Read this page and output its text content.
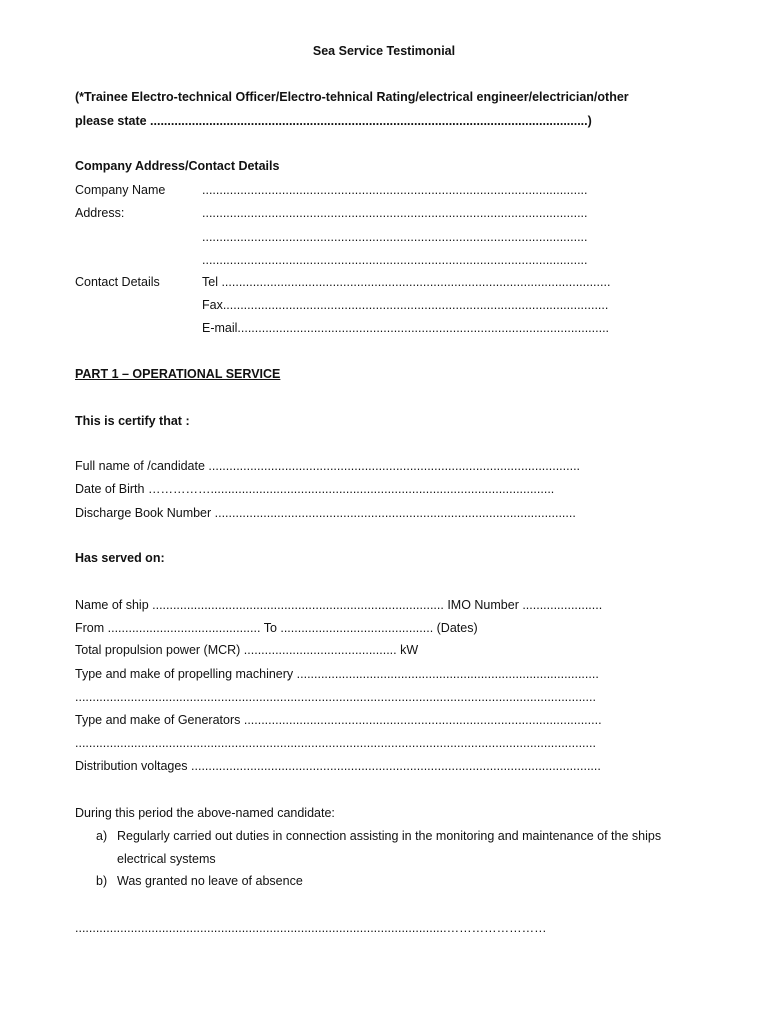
Sea Service Testimonial
(*Trainee Electro-technical Officer/Electro-tehnical Rating/electrical engineer/electrician/other
please state ..............................................................................................................................)
Company Address/Contact Details
Company Name	...............................................................................................................
Address:	...............................................................................................................
...............................................................................................................
...............................................................................................................
Contact Details	Tel ................................................................................................................
Fax...............................................................................................................
E-mail...........................................................................................................
PART 1 – OPERATIONAL SERVICE
This is certify that :
Full name of /candidate ...........................................................................................................
Date of Birth ……………...................................................................................................
Discharge Book Number ........................................................................................................
Has served on:
Name of ship .................................................................................... IMO Number .......................
From ............................................ To ............................................ (Dates)
Total propulsion power (MCR) ............................................ kW
Type and make of propelling machinery .......................................................................................
......................................................................................................................................................
Type and make of Generators .......................................................................................................
......................................................................................................................................................
Distribution voltages ......................................................................................................................
During this period the above-named candidate:
a) Regularly carried out duties in connection assisting in the monitoring and maintenance of the ships
electrical systems
b) Was granted no leave of absence
...........................................................................................................……………………
